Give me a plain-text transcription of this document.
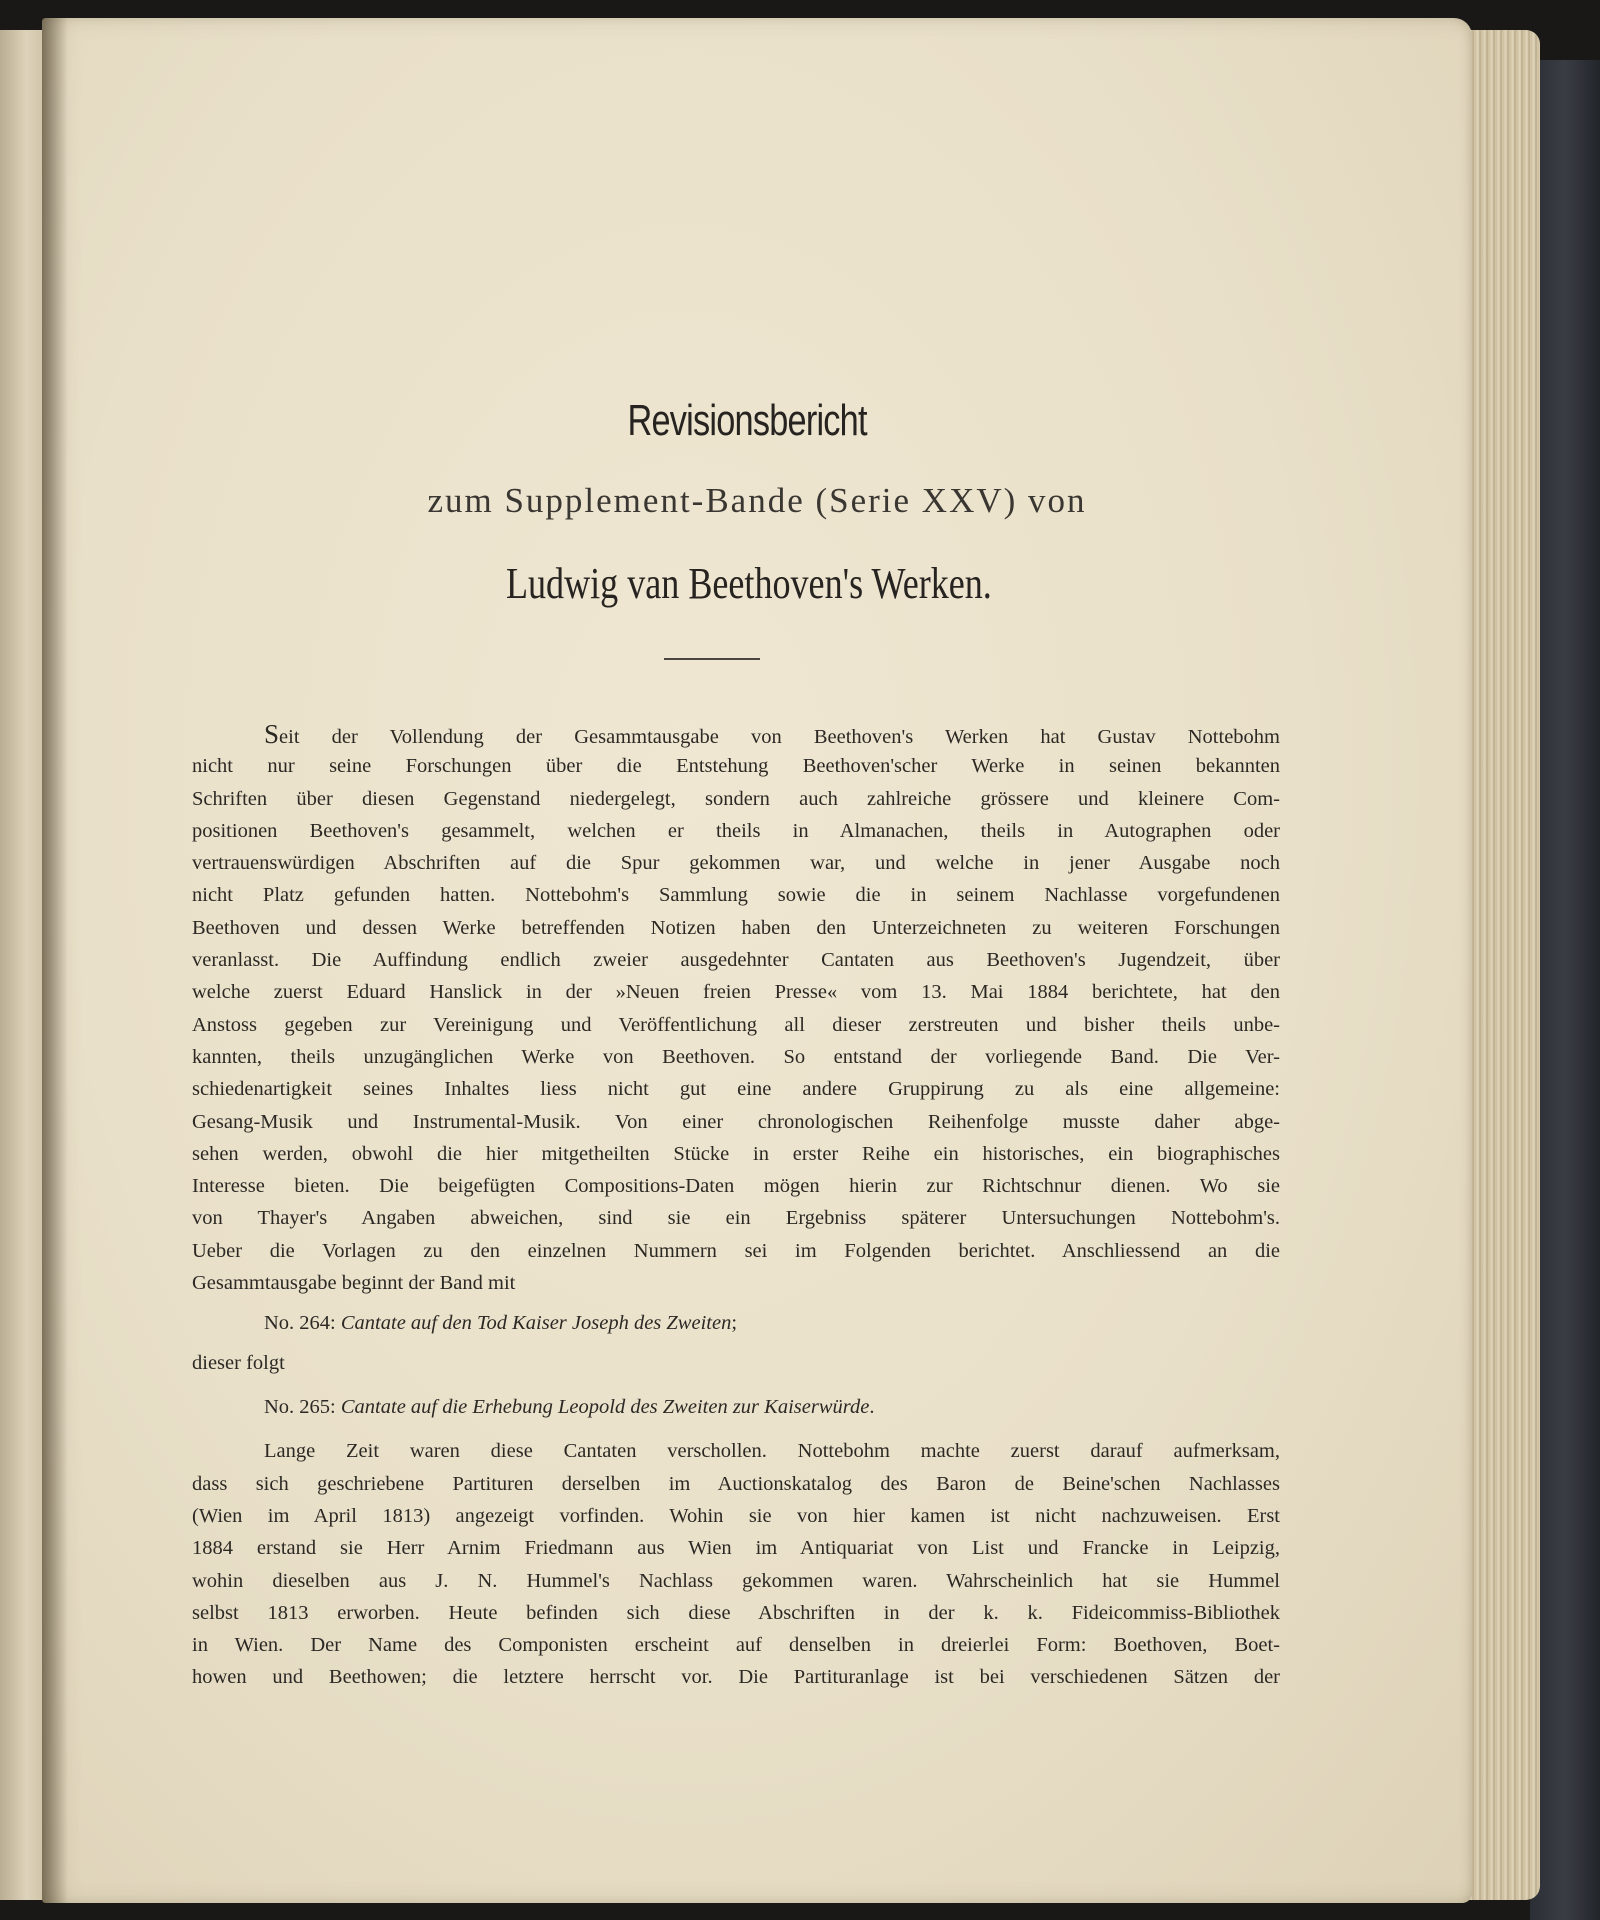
Revisionsbericht
zum Supplement-Bande (Serie XXV) von
Ludwig van Beethoven's Werken.
Seit der Vollendung der Gesammtausgabe von Beethoven's Werken hat Gustav Nottebohm
nicht nur seine Forschungen über die Entstehung Beethoven'scher Werke in seinen bekannten
Schriften über diesen Gegenstand niedergelegt, sondern auch zahlreiche grössere und kleinere Com-
positionen Beethoven's gesammelt, welchen er theils in Almanachen, theils in Autographen oder
vertrauenswürdigen Abschriften auf die Spur gekommen war, und welche in jener Ausgabe noch
nicht Platz gefunden hatten. Nottebohm's Sammlung sowie die in seinem Nachlasse vorgefundenen
Beethoven und dessen Werke betreffenden Notizen haben den Unterzeichneten zu weiteren Forschungen
veranlasst. Die Auffindung endlich zweier ausgedehnter Cantaten aus Beethoven's Jugendzeit, über
welche zuerst Eduard Hanslick in der »Neuen freien Presse« vom 13. Mai 1884 berichtete, hat den
Anstoss gegeben zur Vereinigung und Veröffentlichung all dieser zerstreuten und bisher theils unbe-
kannten, theils unzugänglichen Werke von Beethoven. So entstand der vorliegende Band. Die Ver-
schiedenartigkeit seines Inhaltes liess nicht gut eine andere Gruppirung zu als eine allgemeine:
Gesang-Musik und Instrumental-Musik. Von einer chronologischen Reihenfolge musste daher abge-
sehen werden, obwohl die hier mitgetheilten Stücke in erster Reihe ein historisches, ein biographisches
Interesse bieten. Die beigefügten Compositions-Daten mögen hierin zur Richtschnur dienen. Wo sie
von Thayer's Angaben abweichen, sind sie ein Ergebniss späterer Untersuchungen Nottebohm's.
Ueber die Vorlagen zu den einzelnen Nummern sei im Folgenden berichtet. Anschliessend an die
Gesammtausgabe beginnt der Band mit
No. 264: Cantate auf den Tod Kaiser Joseph des Zweiten;
dieser folgt
No. 265: Cantate auf die Erhebung Leopold des Zweiten zur Kaiserwürde.
Lange Zeit waren diese Cantaten verschollen. Nottebohm machte zuerst darauf aufmerksam,
dass sich geschriebene Partituren derselben im Auctionskatalog des Baron de Beine'schen Nachlasses
(Wien im April 1813) angezeigt vorfinden. Wohin sie von hier kamen ist nicht nachzuweisen. Erst
1884 erstand sie Herr Arnim Friedmann aus Wien im Antiquariat von List und Francke in Leipzig,
wohin dieselben aus J. N. Hummel's Nachlass gekommen waren. Wahrscheinlich hat sie Hummel
selbst 1813 erworben. Heute befinden sich diese Abschriften in der k. k. Fideicommiss-Bibliothek
in Wien. Der Name des Componisten erscheint auf denselben in dreierlei Form: Boethoven, Boet-
howen und Beethowen; die letztere herrscht vor. Die Partituranlage ist bei verschiedenen Sätzen der
